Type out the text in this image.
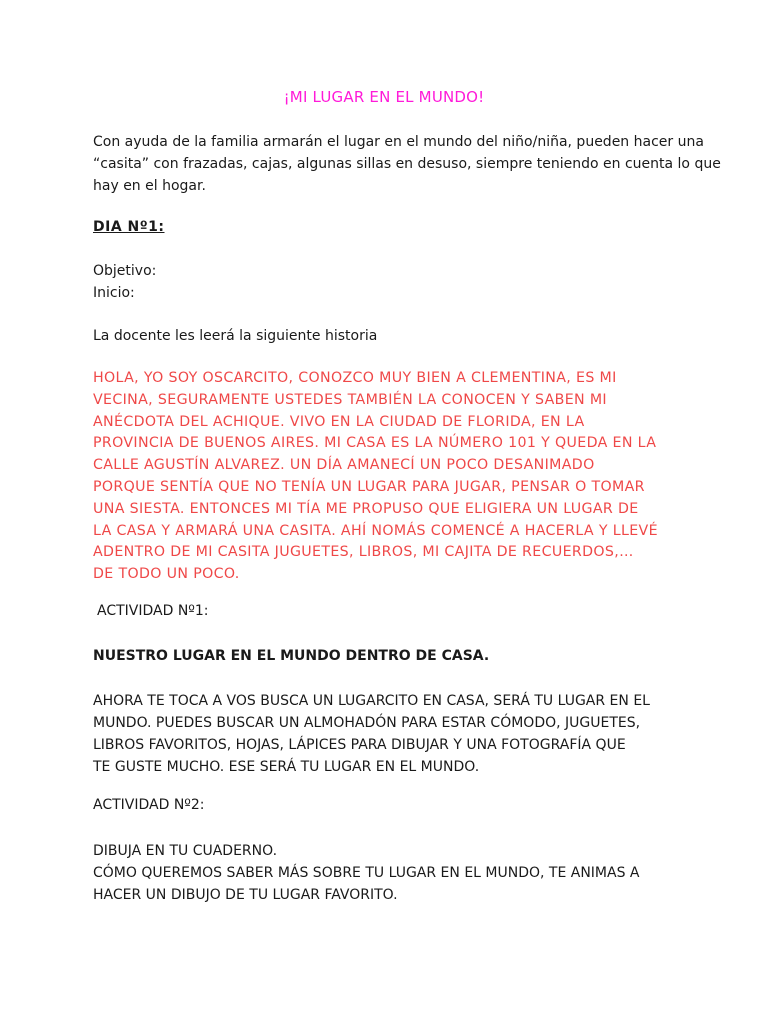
¡MI LUGAR EN EL MUNDO!
Con ayuda de la familia armarán el lugar en el mundo del niño/niña, pueden hacer una
“casita” con frazadas, cajas, algunas sillas en desuso, siempre teniendo en cuenta lo que
hay en el hogar.
DIA Nº1:
Objetivo:
Inicio:
La docente les leerá la siguiente historia
HOLA, YO SOY OSCARCITO, CONOZCO MUY BIEN A CLEMENTINA, ES MI
VECINA, SEGURAMENTE USTEDES TAMBIÉN LA CONOCEN Y SABEN MI
ANÉCDOTA DEL ACHIQUE. VIVO EN LA CIUDAD DE FLORIDA, EN LA
PROVINCIA DE BUENOS AIRES. MI CASA ES LA NÚMERO 101 Y QUEDA EN LA
CALLE AGUSTÍN ALVAREZ. UN DÍA AMANECÍ UN POCO DESANIMADO
PORQUE SENTÍA QUE NO TENÍA UN LUGAR PARA JUGAR, PENSAR O TOMAR
UNA SIESTA. ENTONCES MI TÍA ME PROPUSO QUE ELIGIERA UN LUGAR DE
LA CASA Y ARMARÁ UNA CASITA. AHÍ NOMÁS COMENCÉ A HACERLA Y LLEVÉ
ADENTRO DE MI CASITA JUGUETES, LIBROS, MI CAJITA DE RECUERDOS,…
DE TODO UN POCO.
ACTIVIDAD Nº1:
NUESTRO LUGAR EN EL MUNDO DENTRO DE CASA.
AHORA TE TOCA A VOS BUSCA UN LUGARCITO EN CASA, SERÁ TU LUGAR EN EL
MUNDO. PUEDES BUSCAR UN ALMOHADÓN PARA ESTAR CÓMODO, JUGUETES,
LIBROS FAVORITOS, HOJAS, LÁPICES PARA DIBUJAR Y UNA FOTOGRAFÍA QUE
TE GUSTE MUCHO. ESE SERÁ TU LUGAR EN EL MUNDO.
ACTIVIDAD Nº2:
DIBUJA EN TU CUADERNO.
CÓMO QUEREMOS SABER MÁS SOBRE TU LUGAR EN EL MUNDO, TE ANIMAS A
HACER UN DIBUJO DE TU LUGAR FAVORITO.
